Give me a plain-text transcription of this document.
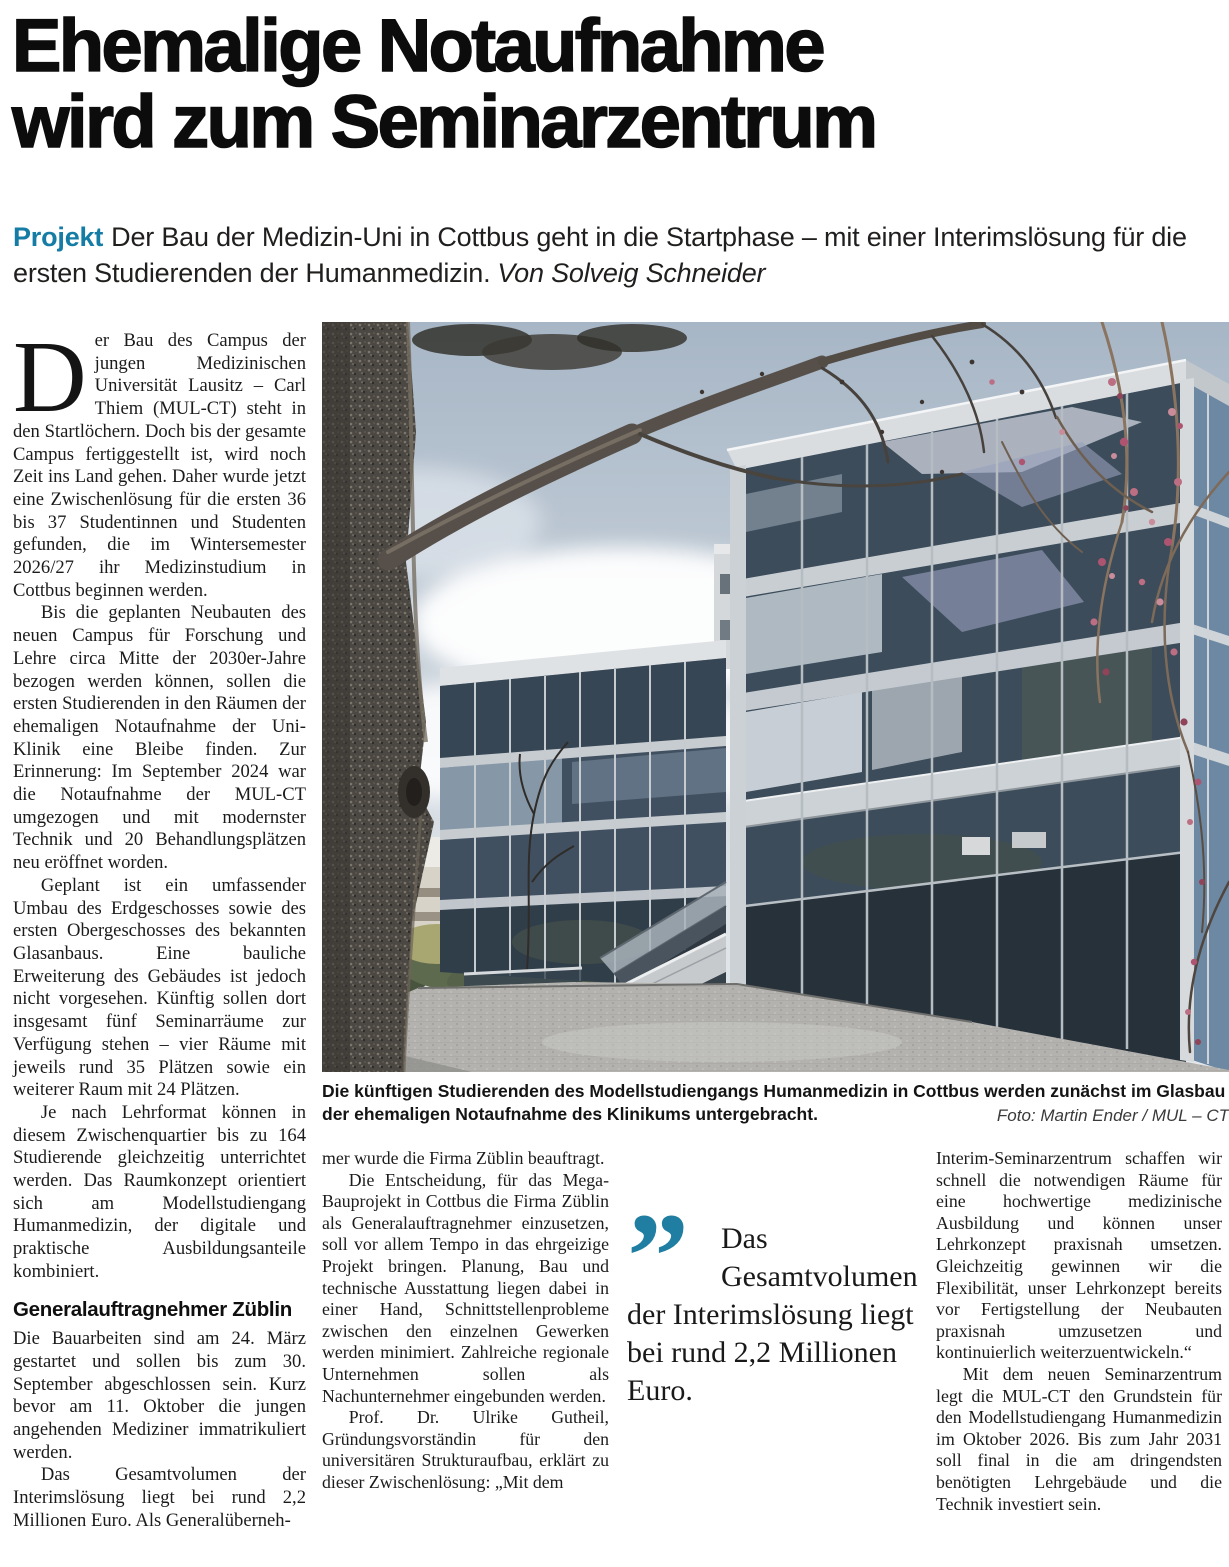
Ehemalige Notaufnahme
wird zum Seminarzentrum

Projekt Der Bau der Medizin-Uni in Cottbus geht in die Startphase – mit einer Interimslösung für die ersten Studierenden der Humanmedizin. Von Solveig Schneider

Der Bau des Campus der jungen Medizinischen Universität Lausitz – Carl Thiem (MUL-CT) steht in den Startlöchern. Doch bis der gesamte Campus fertiggestellt ist, wird noch Zeit ins Land gehen. Daher wurde jetzt eine Zwischenlösung für die ersten 36 bis 37 Studentinnen und Studenten gefunden, die im Wintersemester 2026/27 ihr Medizinstudium in Cottbus beginnen werden.

Bis die geplanten Neubauten des neuen Campus für Forschung und Lehre circa Mitte der 2030er-Jahre bezogen werden können, sollen die ersten Studierenden in den Räumen der ehemaligen Notaufnahme der Uni-Klinik eine Bleibe finden. Zur Erinnerung: Im September 2024 war die Notaufnahme der MUL-CT umgezogen und mit modernster Technik und 20 Behandlungsplätzen neu eröffnet worden.

Geplant ist ein umfassender Umbau des Erdgeschosses sowie des ersten Obergeschosses des bekannten Glasanbaus. Eine bauliche Erweiterung des Gebäudes ist jedoch nicht vorgesehen. Künftig sollen dort insgesamt fünf Seminarräume zur Verfügung stehen – vier Räume mit jeweils rund 35 Plätzen sowie ein weiterer Raum mit 24 Plätzen.

Je nach Lehrformat können in diesem Zwischenquartier bis zu 164 Studierende gleichzeitig unterrichtet werden. Das Raumkonzept orientiert sich am Modellstudiengang Humanmedizin, der digitale und praktische Ausbildungsanteile kombiniert.

Generalauftragnehmer Züblin

Die Bauarbeiten sind am 24. März gestartet und sollen bis zum 30. September abgeschlossen sein. Kurz bevor am 11. Oktober die jungen angehenden Mediziner immatrikuliert werden.

Das Gesamtvolumen der Interimslösung liegt bei rund 2,2 Millionen Euro. Als Generalüberneh-

Die künftigen Studierenden des Modellstudiengangs Humanmedizin in Cottbus werden zunächst im Glasbau der ehemaligen Notaufnahme des Klinikums untergebracht.	Foto: Martin Ender / MUL – CT

mer wurde die Firma Züblin beauftragt.

Die Entscheidung, für das Mega-Bauprojekt in Cottbus die Firma Züblin als Generalauftragnehmer einzusetzen, soll vor allem Tempo in das ehrgeizige Projekt bringen. Planung, Bau und technische Ausstattung liegen dabei in einer Hand, Schnittstellenprobleme zwischen den einzelnen Gewerken werden minimiert. Zahlreiche regionale Unternehmen sollen als Nachunternehmer eingebunden werden.

Prof. Dr. Ulrike Gutheil, Gründungsvorständin für den universitären Strukturaufbau, erklärt zu dieser Zwischenlösung: „Mit dem

”	Das Gesamtvolumen der Interimslösung liegt bei rund 2,2 Millionen Euro.

Interim-Seminarzentrum schaffen wir schnell die notwendigen Räume für eine hochwertige medizinische Ausbildung und können unser Lehrkonzept praxisnah umsetzen. Gleichzeitig gewinnen wir die Flexibilität, unser Lehrkonzept bereits vor Fertigstellung der Neubauten praxisnah umzusetzen und kontinuierlich weiterzuentwickeln.“

Mit dem neuen Seminarzentrum legt die MUL-CT den Grundstein für den Modellstudiengang Humanmedizin im Oktober 2026. Bis zum Jahr 2031 soll final in die am dringendsten benötigten Lehrgebäude und die Technik investiert sein.
